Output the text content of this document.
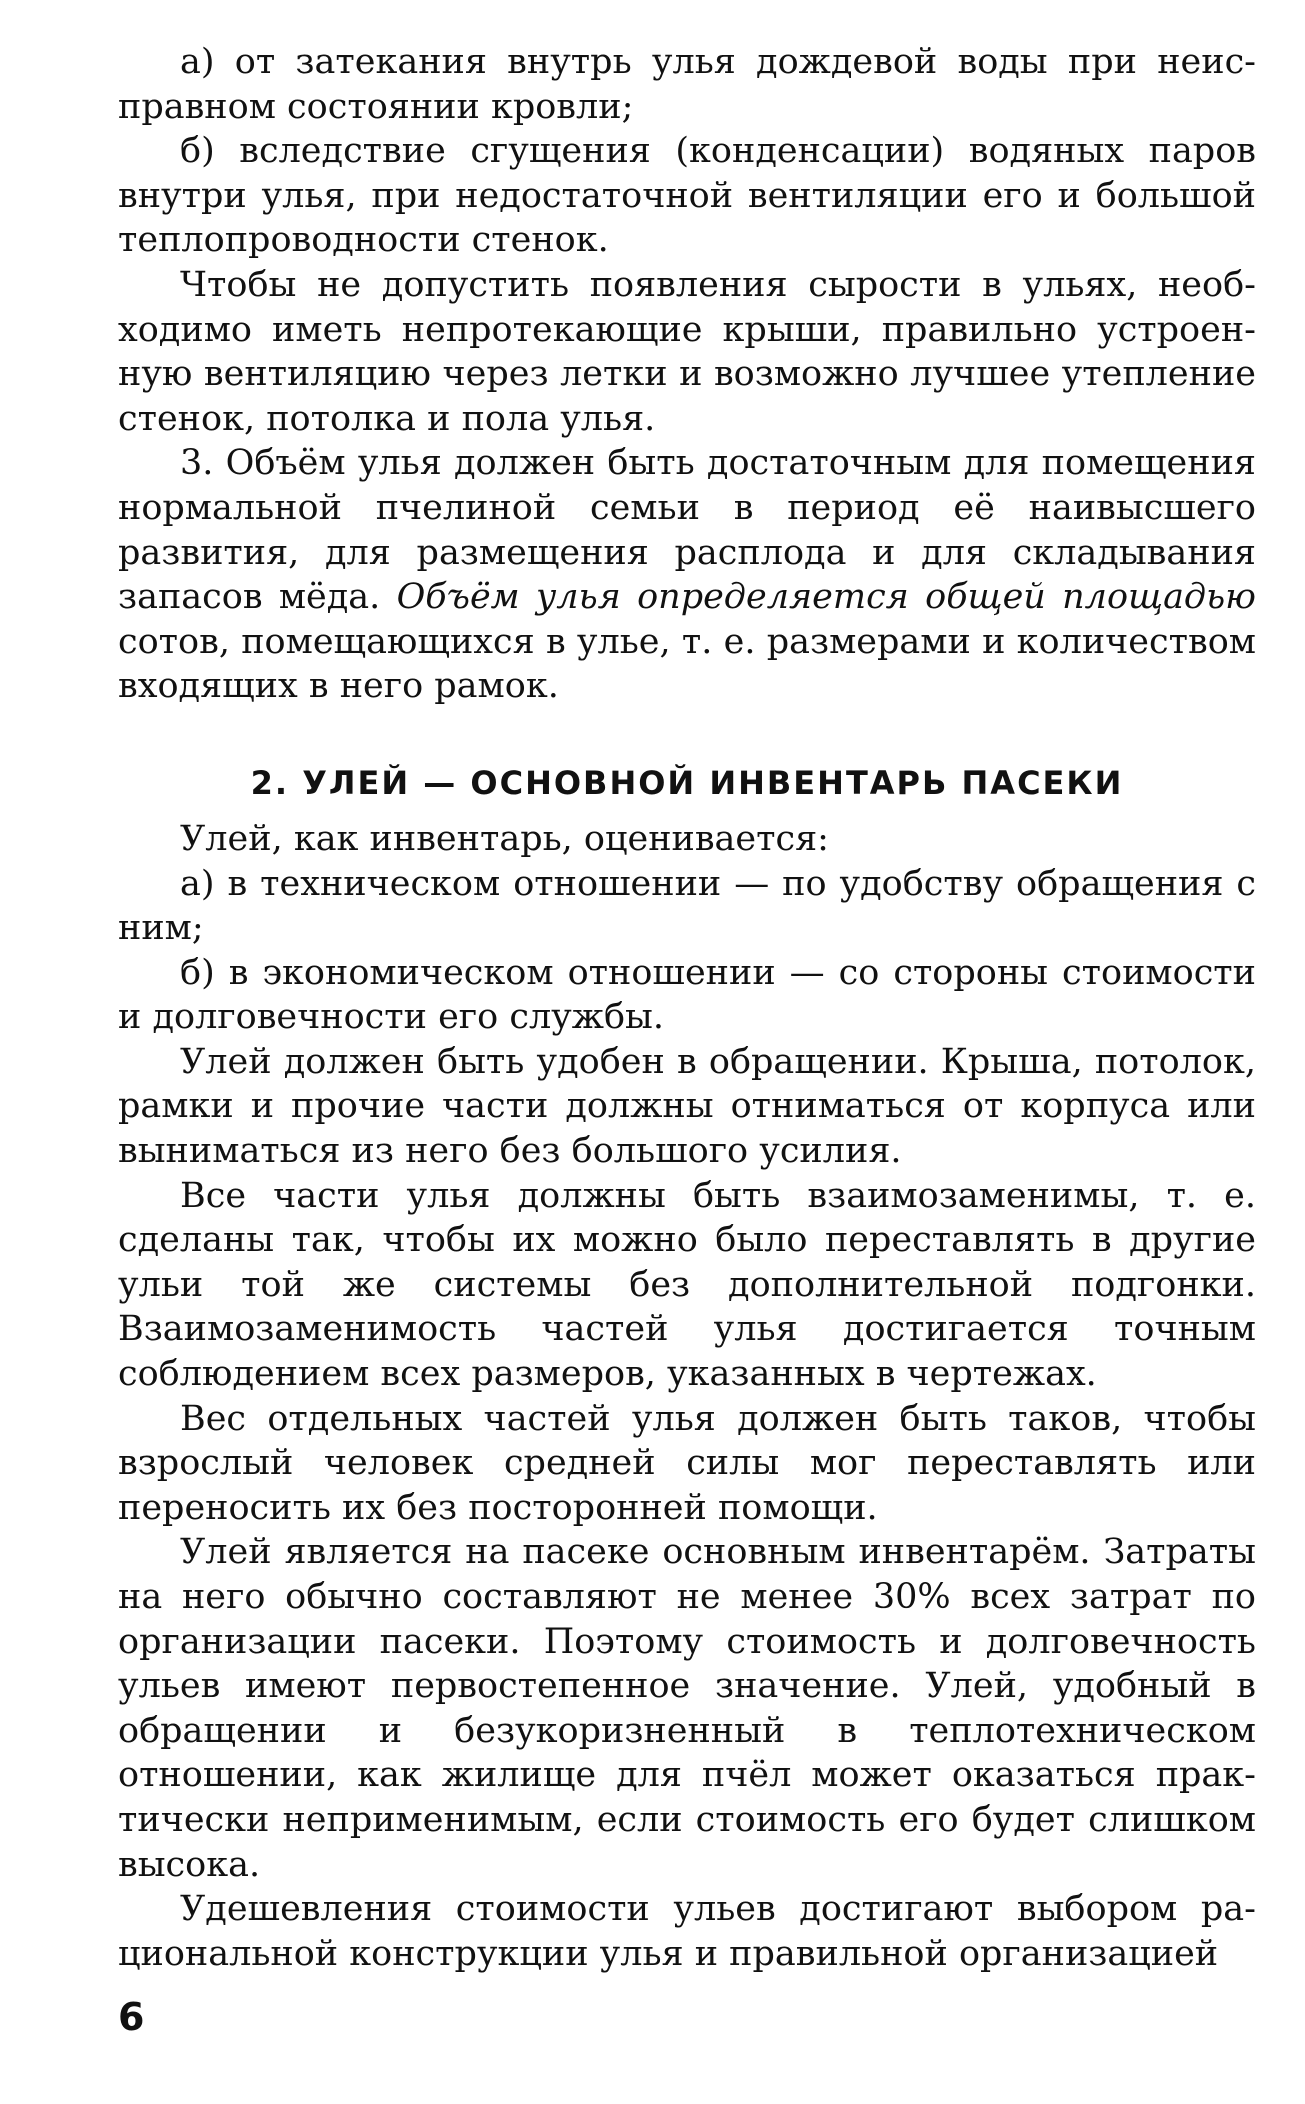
а) от затекания внутрь улья дождевой воды при неисправном состоянии кровли;

б) вследствие сгущения (конденсации) водяных паров внутри улья, при недостаточной вентиляции его и большой теплопроводности стенок.

Чтобы не допустить появления сырости в ульях, необходимо иметь непротекающие крыши, правильно устроенную вентиляцию через летки и возможно лучшее утепление стенок, потолка и пола улья.

3. Объём улья должен быть достаточным для помещения нормальной пчелиной семьи в период её наивысшего развития, для размещения расплода и для складывания запасов мёда. Объём улья определяется общей площадью сотов, помещающихся в улье, т. е. размерами и количеством входящих в него рамок.

2. УЛЕЙ — ОСНОВНОЙ ИНВЕНТАРЬ ПАСЕКИ

Улей, как инвентарь, оценивается:

а) в техническом отношении — по удобству обращения с ним;

б) в экономическом отношении — со стороны стоимости и долговечности его службы.

Улей должен быть удобен в обращении. Крыша, потолок, рамки и прочие части должны отниматься от корпуса или выниматься из него без большого усилия.

Все части улья должны быть взаимозаменимы, т. е. сделаны так, чтобы их можно было переставлять в другие ульи той же системы без дополнительной подгонки. Взаимозаменимость частей улья достигается точным соблюдением всех размеров, указанных в чертежах.

Вес отдельных частей улья должен быть таков, чтобы взрослый человек средней силы мог переставлять или переносить их без посторонней помощи.

Улей является на пасеке основным инвентарём. Затраты на него обычно составляют не менее 30% всех затрат по организации пасеки. Поэтому стоимость и долговечность ульев имеют первостепенное значение. Улей, удобный в обращении и безукоризненный в теплотехническом отношении, как жилище для пчёл может оказаться практически неприменимым, если стоимость его будет слишком высока.

Удешевления стоимости ульев достигают выбором рациональной конструкции улья и правильной организацией

6
